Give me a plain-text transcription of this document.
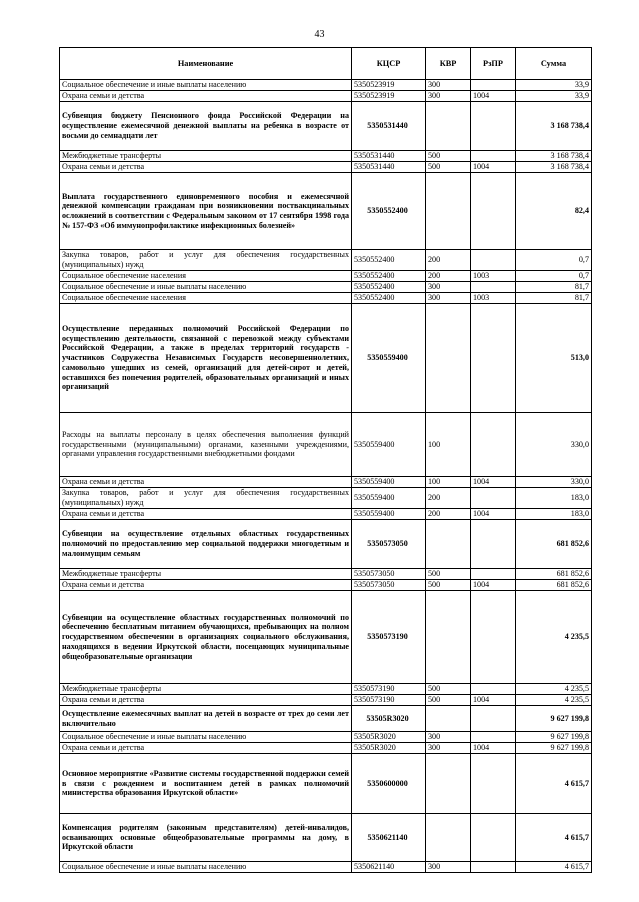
43
Наименование	КЦСР	КВР	РзПР	Сумма
Социальное обеспечение и иные выплаты населению	5350523919	300		33,9
Охрана семьи и детства	5350523919	300	1004	33,9
Субвенция бюджету Пенсионного фонда Российской Федерации на осуществление ежемесячной денежной выплаты на ребенка в возрасте от восьми до семнадцати лет	5350531440			3 168 738,4
Межбюджетные трансферты	5350531440	500		3 168 738,4
Охрана семьи и детства	5350531440	500	1004	3 168 738,4
Выплата государственного единовременного пособия и ежемесячной денежной компенсации гражданам при возникновении поствакцинальных осложнений в соответствии с Федеральным законом от 17 сентября 1998 года № 157-ФЗ «Об иммунопрофилактике инфекционных болезней»	5350552400			82,4
Закупка товаров, работ и услуг для обеспечения государственных (муниципальных) нужд	5350552400	200		0,7
Социальное обеспечение населения	5350552400	200	1003	0,7
Социальное обеспечение и иные выплаты населению	5350552400	300		81,7
Социальное обеспечение населения	5350552400	300	1003	81,7
Осуществление переданных полномочий Российской Федерации по осуществлению деятельности, связанной с перевозкой между субъектами Российской Федерации, а также в пределах территорий государств - участников Содружества Независимых Государств несовершеннолетних, самовольно ушедших из семей, организаций для детей-сирот и детей, оставшихся без попечения родителей, образовательных организаций и иных организаций	5350559400			513,0
Расходы на выплаты персоналу в целях обеспечения выполнения функций государственными (муниципальными) органами, казенными учреждениями, органами управления государственными внебюджетными фондами	5350559400	100		330,0
Охрана семьи и детства	5350559400	100	1004	330,0
Закупка товаров, работ и услуг для обеспечения государственных (муниципальных) нужд	5350559400	200		183,0
Охрана семьи и детства	5350559400	200	1004	183,0
Субвенции на осуществление отдельных областных государственных полномочий по предоставлению мер социальной поддержки многодетным и малоимущим семьям	5350573050			681 852,6
Межбюджетные трансферты	5350573050	500		681 852,6
Охрана семьи и детства	5350573050	500	1004	681 852,6
Субвенции на осуществление областных государственных полномочий по обеспечению бесплатным питанием обучающихся, пребывающих на полном государственном обеспечении в организациях социального обслуживания, находящихся в ведении Иркутской области, посещающих муниципальные общеобразовательные организации	5350573190			4 235,5
Межбюджетные трансферты	5350573190	500		4 235,5
Охрана семьи и детства	5350573190	500	1004	4 235,5
Осуществление ежемесячных выплат на детей в возрасте от трех до семи лет включительно	53505R3020			9 627 199,8
Социальное обеспечение и иные выплаты населению	53505R3020	300		9 627 199,8
Охрана семьи и детства	53505R3020	300	1004	9 627 199,8
Основное мероприятие «Развитие системы государственной поддержки семей в связи с рождением и воспитанием детей в рамках полномочий министерства образования Иркутской области»	5350600000			4 615,7
Компенсация родителям (законным представителям) детей-инвалидов, осваивающих основные общеобразовательные программы на дому, в Иркутской области	5350621140			4 615,7
Социальное обеспечение и иные выплаты населению	5350621140	300		4 615,7
